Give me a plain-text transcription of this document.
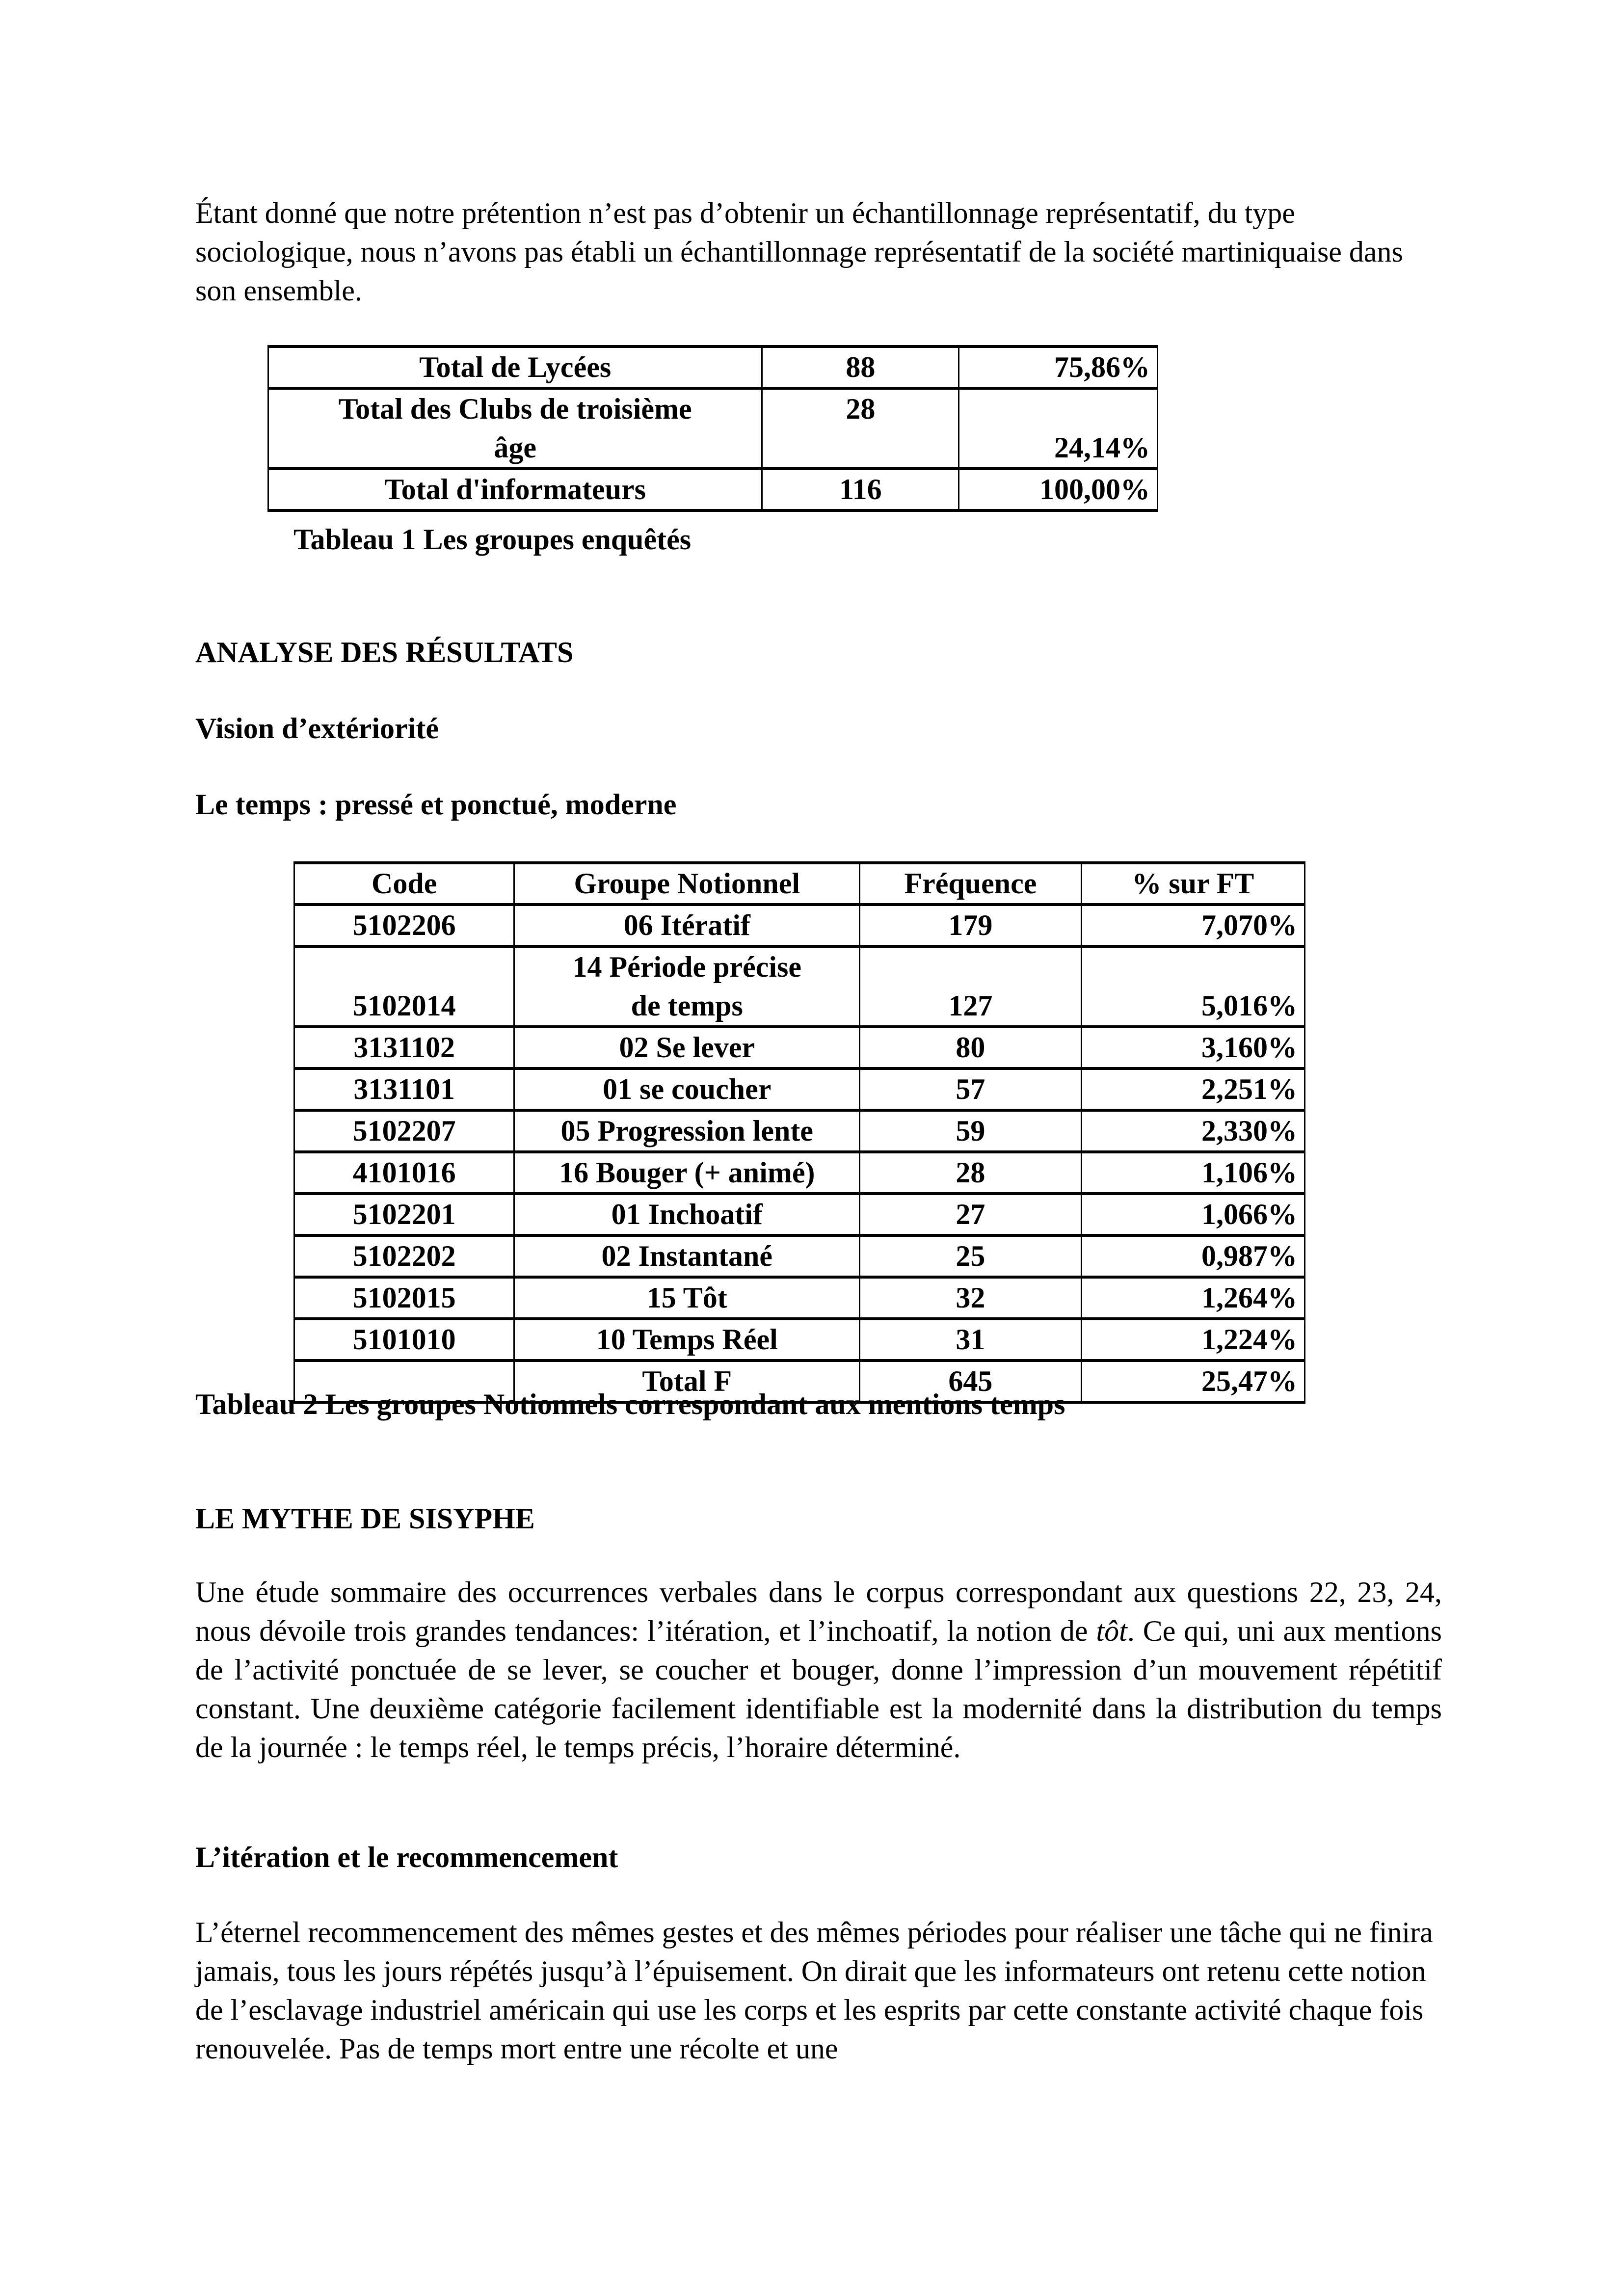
Étant donné que notre prétention n’est pas d’obtenir un échantillonnage représentatif, du type sociologique, nous n’avons pas établi un échantillonnage représentatif de la société martiniquaise dans son ensemble.

Total de Lycées	88	75,86%

Total des Clubs de troisième
âge	28	24,14%
Total d'informateurs	116	100,00%
Tableau 1 Les groupes enquêtés

ANALYSE DES RÉSULTATS

Vision d’extériorité

Le temps : pressé et ponctué, moderne

Code	Groupe Notionnel	Fréquence	% sur FT
5102206	06 Itératif	179	7,070%
5102014	14 Période précise
de temps	127	5,016%
3131102	02 Se lever	80	3,160%
3131101	01 se coucher	57	2,251%
5102207	05 Progression lente	59	2,330%
4101016	16 Bouger (+ animé)	28	1,106%
5102201	01 Inchoatif	27	1,066%
5102202	02 Instantané	25	0,987%
5102015	15 Tôt	32	1,264%
5101010	10 Temps Réel	31	1,224%
	Total F	645	25,47%
Tableau 2 Les groupes Notionnels correspondant aux mentions temps

LE MYTHE DE SISYPHE

Une étude sommaire des occurrences verbales dans le corpus correspondant aux questions 22, 23, 24, nous dévoile trois grandes tendances: l’itération, et l’inchoatif, la notion de tôt. Ce qui, uni aux mentions de l’activité ponctuée de se lever, se coucher et bouger, donne l’impression d’un mouvement répétitif constant. Une deuxième catégorie facilement identifiable est la modernité dans la distribution du temps de la journée : le temps réel, le temps précis, l’horaire déterminé.

L’itération et le recommencement

L’éternel recommencement des mêmes gestes et des mêmes périodes pour réaliser une tâche qui ne finira jamais, tous les jours répétés jusqu’à l’épuisement. On dirait que les informateurs ont retenu cette notion de l’esclavage industriel américain qui use les corps et les esprits par cette constante activité chaque fois renouvelée. Pas de temps mort entre une récolte et une
